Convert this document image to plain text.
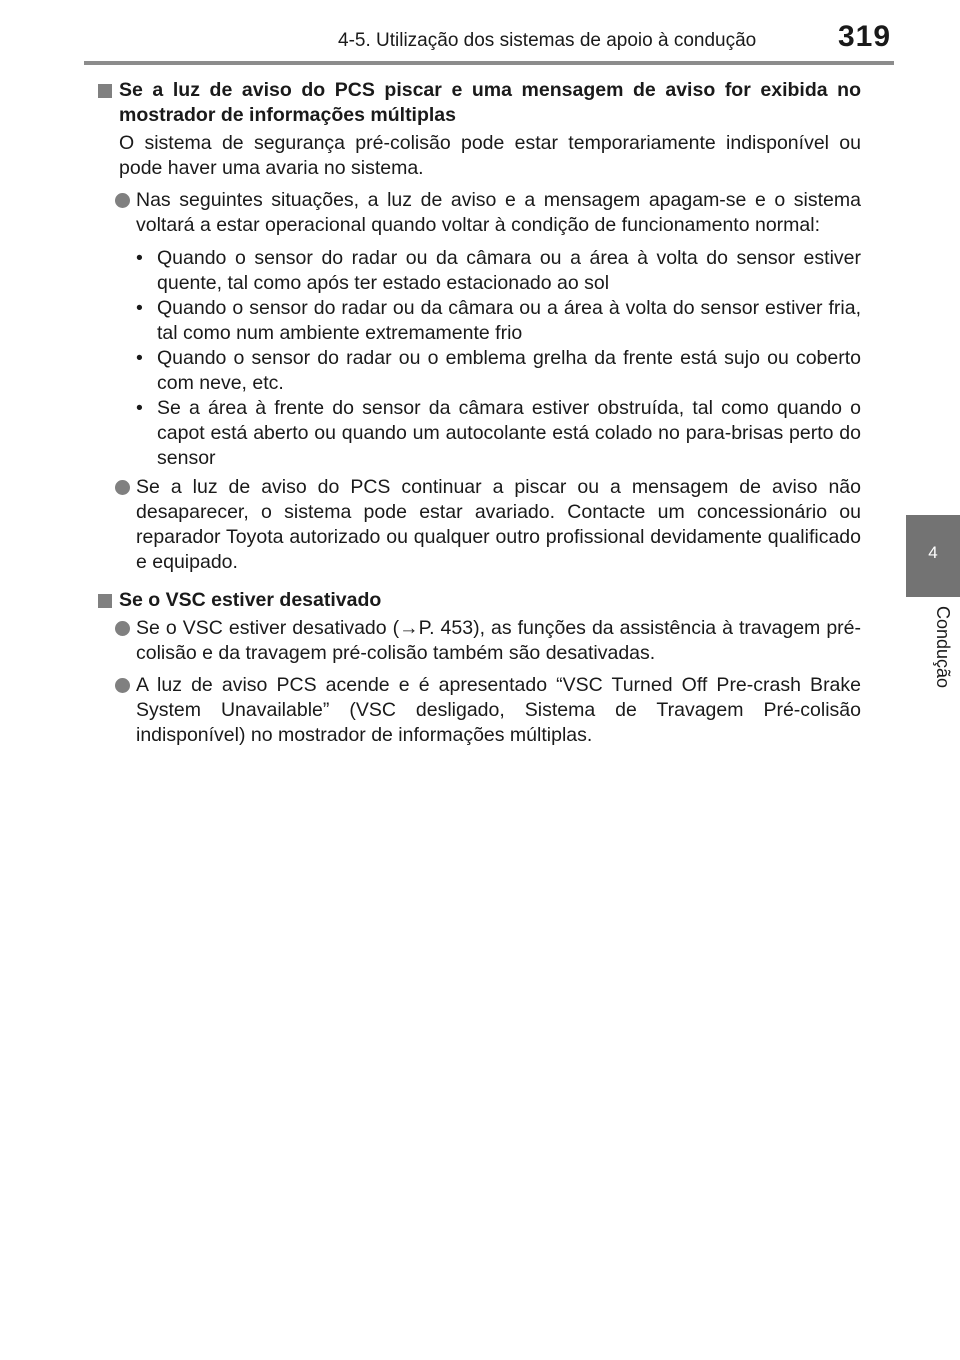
4-5. Utilização dos sistemas de apoio à condução	319
4
Condução
Se a luz de aviso do PCS piscar e uma mensagem de aviso for exibida no mostrador de informações múltiplas
O sistema de segurança pré-colisão pode estar temporariamente indisponível ou pode haver uma avaria no sistema.
Nas seguintes situações, a luz de aviso e a mensagem apagam-se e o sistema voltará a estar operacional quando voltar à condição de funcionamento normal:
• Quando o sensor do radar ou da câmara ou a área à volta do sensor estiver quente, tal como após ter estado estacionado ao sol
• Quando o sensor do radar ou da câmara ou a área à volta do sensor estiver fria, tal como num ambiente extremamente frio
• Quando o sensor do radar ou o emblema grelha da frente está sujo ou coberto com neve, etc.
• Se a área à frente do sensor da câmara estiver obstruída, tal como quando o capot está aberto ou quando um autocolante está colado no para-brisas perto do sensor
Se a luz de aviso do PCS continuar a piscar ou a mensagem de aviso não desaparecer, o sistema pode estar avariado. Contacte um concessionário ou reparador Toyota autorizado ou qualquer outro profissional devidamente qualificado e equipado.
Se o VSC estiver desativado
Se o VSC estiver desativado (→P. 453), as funções da assistência à travagem pré-colisão e da travagem pré-colisão também são desativadas.
A luz de aviso PCS acende e é apresentado “VSC Turned Off Pre-crash Brake System Unavailable” (VSC desligado, Sistema de Travagem Pré-colisão indisponível) no mostrador de informações múltiplas.
